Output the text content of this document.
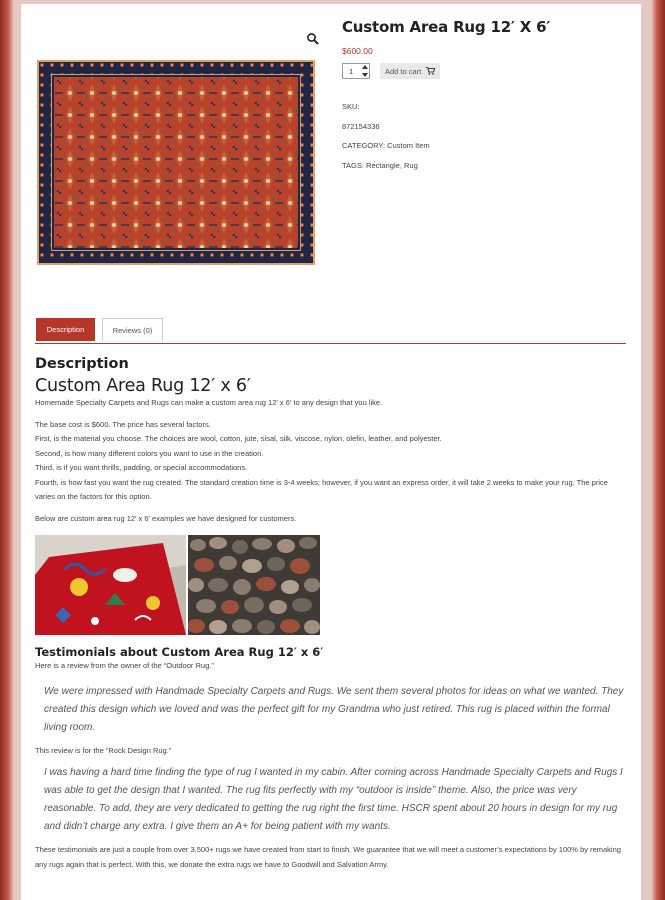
Custom Area Rug 12′ X 6′
$600.00
1	Add to cart
SKU:
872154336
CATEGORY: Custom Item
TAGS: Rectangle, Rug
Description	Reviews (0)
Description
Custom Area Rug 12′ x 6′

Homemade Specialty Carpets and Rugs can make a custom area rug 12′ x 6′ to any design that you like.

The base cost is $600. The price has several factors.

First, is the material you choose. The choices are wool, cotton, jute, sisal, silk, viscose, nylon, olefin, leather, and polyester.

Second, is how many different colors you want to use in the creation.

Third, is if you want thrills, padding, or special accommodations.

Fourth, is how fast you want the rug created. The standard creation time is 3-4 weeks; however, if you want an express order, it will take 2 weeks to make your rug. The price varies on the factors for this option.

Below are custom area rug 12′ x 6′ examples we have designed for customers.

Testimonials about Custom Area Rug 12′ x 6′

Here is a review from the owner of the “Outdoor Rug.”

We were impressed with Handmade Specialty Carpets and Rugs. We sent them several photos for ideas on what we wanted. They created this design which we loved and was the perfect gift for my Grandma who just retired. This rug is placed within the formal living room.

This review is for the “Rock Design Rug.”

I was having a hard time finding the type of rug I wanted in my cabin. After coming across Handmade Specialty Carpets and Rugs I was able to get the design that I wanted. The rug fits perfectly with my “outdoor is inside” theme. Also, the price was very reasonable. To add, they are very dedicated to getting the rug right the first time. HSCR spent about 20 hours in design for my rug and didn’t charge any extra. I give them an A+ for being patient with my wants.

These testimonials are just a couple from over 3,500+ rugs we have created from start to finish. We guarantee that we will meet a customer’s expectations by 100% by remaking any rugs again that is perfect. With this, we donate the extra rugs we have to Goodwill and Salvation Army.
